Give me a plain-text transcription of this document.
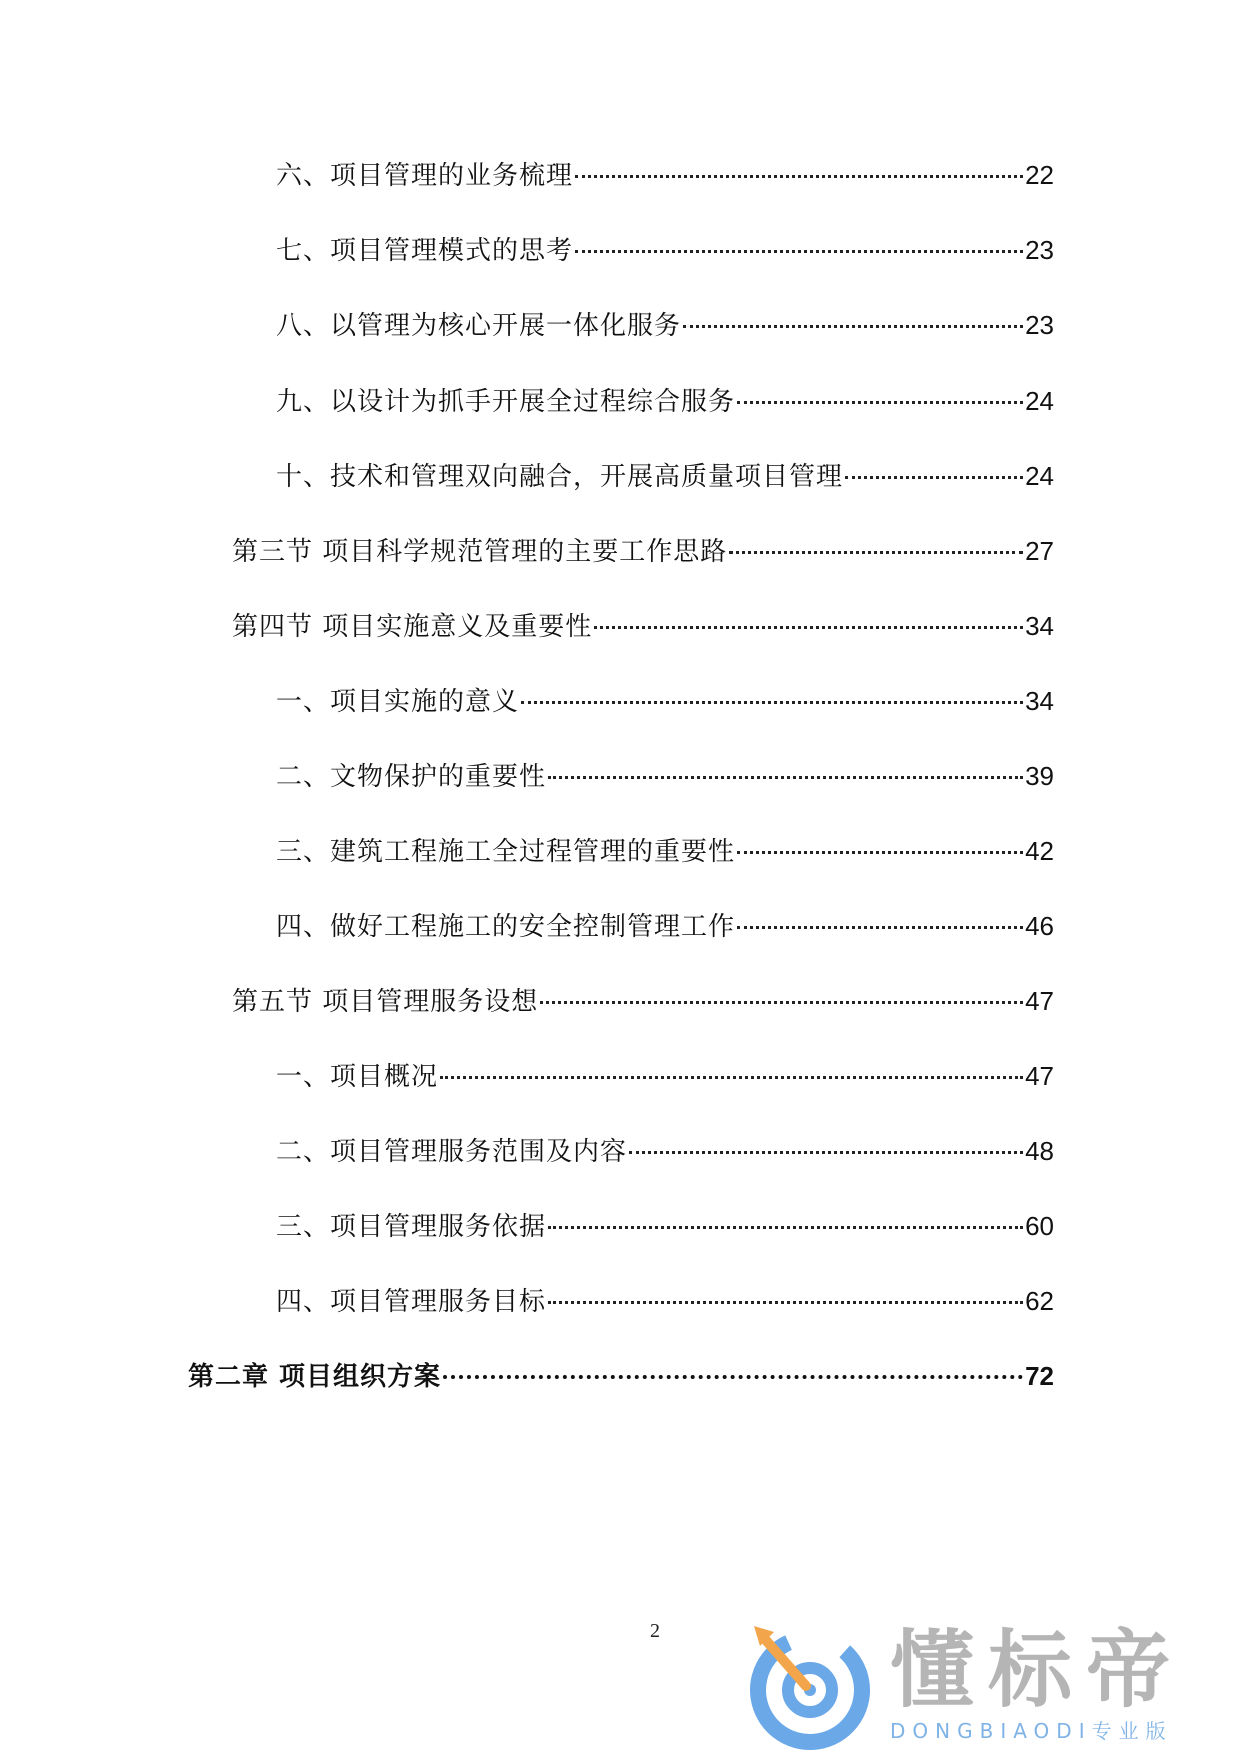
六、项目管理的业务梳理	22
七、项目管理模式的思考	23
八、以管理为核心开展一体化服务	23
九、以设计为抓手开展全过程综合服务	24
十、技术和管理双向融合，开展高质量项目管理	24
第三节 项目科学规范管理的主要工作思路	27
第四节 项目实施意义及重要性	34
一、项目实施的意义	34
二、文物保护的重要性	39
三、建筑工程施工全过程管理的重要性	42
四、做好工程施工的安全控制管理工作	46
第五节 项目管理服务设想	47
一、项目概况	47
二、项目管理服务范围及内容	48
三、项目管理服务依据	60
四、项目管理服务目标	62
第二章 项目组织方案	72
2	懂标帝
DONGBIAODI专业版
